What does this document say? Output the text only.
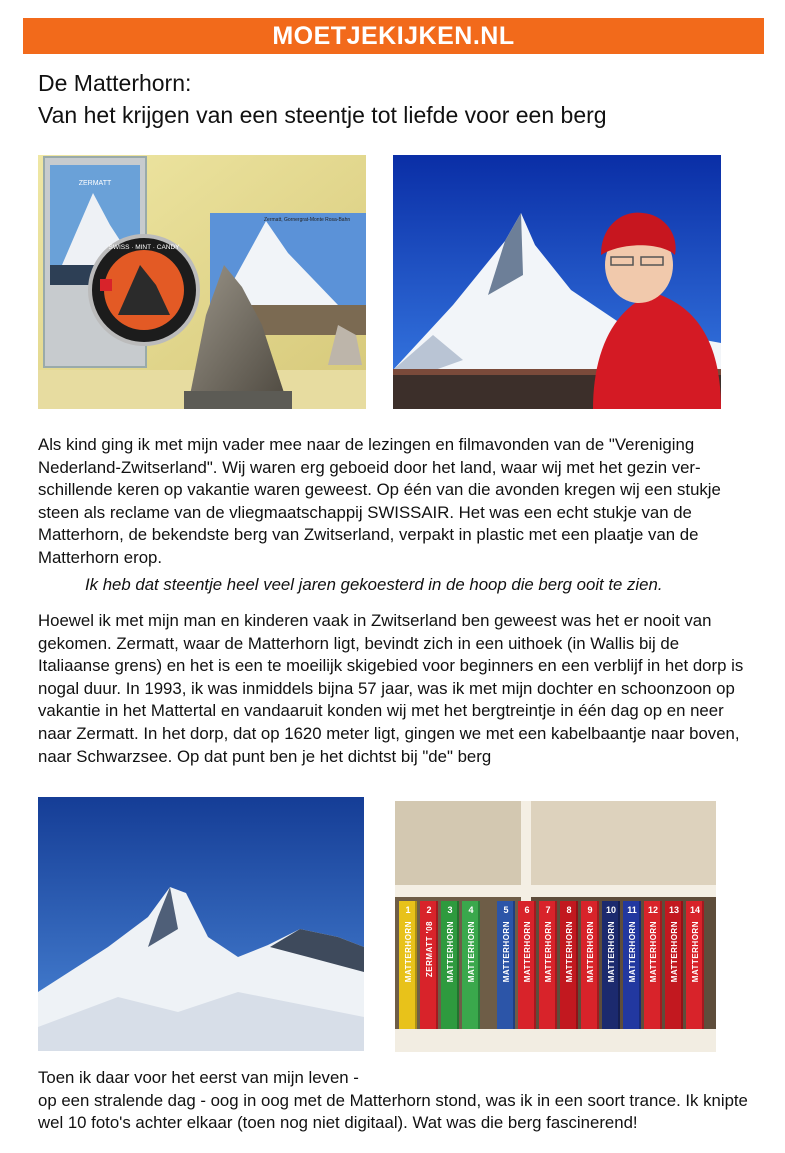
MOETJEKIJKEN.NL
De Matterhorn:
Van het krijgen van een steentje tot liefde voor een berg
ZERMATT
Zermatt, Gornergrat-Monte Rosa-Bahn
SWISS · MINT · CANDY
Als kind ging ik met mijn vader mee naar de lezingen en filmavonden van de "Vereniging Nederland-Zwitserland". Wij waren erg geboeid door het land, waar wij met het gezin ver-schillende keren op vakantie waren geweest. Op één van die avonden kregen wij een stukje steen als reclame van de vliegmaatschappij SWISSAIR. Het was een echt stukje van de Matterhorn, de bekendste berg van Zwitserland, verpakt in plastic met een plaatje van de Matterhorn erop.
Ik heb dat steentje heel veel jaren gekoesterd in de hoop die berg ooit te zien.
Hoewel ik met mijn man en kinderen vaak in Zwitserland ben geweest was het er nooit van gekomen. Zermatt, waar de Matterhorn ligt, bevindt zich in een uithoek (in Wallis bij de Italiaanse grens) en het is een te moeilijk skigebied voor beginners en een verblijf in het dorp is nogal duur. In 1993, ik was inmiddels bijna 57 jaar, was ik met mijn dochter en schoonzoon op vakantie in het Mattertal en vandaaruit konden wij met het bergtreintje in één dag op en neer naar Zermatt. In het dorp, dat op 1620 meter ligt, gingen we met een kabelbaantje naar boven, naar Schwarzsee. Op dat punt ben je het dichtst bij "de" berg
1
MATTERHORN
2
ZERMATT '08
3
MATTERHORN
4
MATTERHORN
5
MATTERHORN
6
MATTERHORN
7
MATTERHORN
8
MATTERHORN
9
MATTERHORN
10
MATTERHORN
11
MATTERHORN
12
MATTERHORN
13
MATTERHORN
14
MATTERHORN
Toen ik daar voor het eerst van mijn leven -
op een stralende dag - oog in oog met de Matterhorn stond, was ik in een soort trance. Ik knipte wel 10 foto's achter elkaar (toen nog niet digitaal). Wat was die berg fascinerend!
